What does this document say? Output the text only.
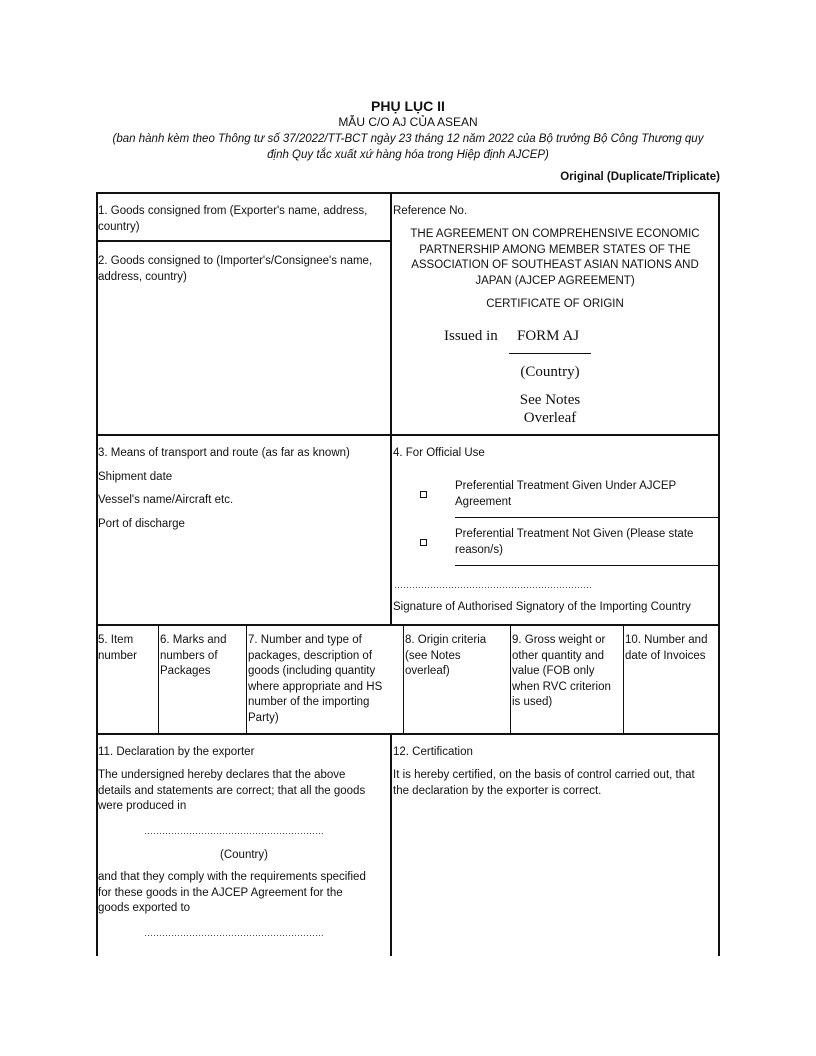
PHỤ LỤC II
MẪU C/O AJ CỦA ASEAN
(ban hành kèm theo Thông tư số 37/2022/TT-BCT ngày 23 tháng 12 năm 2022 của Bộ trưởng Bộ Công Thương quy
định Quy tắc xuất xứ hàng hóa trong Hiệp định AJCEP)
Original (Duplicate/Triplicate)
1. Goods consigned from (Exporter's name, address,
country)
2. Goods consigned to (Importer's/Consignee's name,
address, country)
Reference No.
THE AGREEMENT ON COMPREHENSIVE ECONOMIC
PARTNERSHIP AMONG MEMBER STATES OF THE
ASSOCIATION OF SOUTHEAST ASIAN NATIONS AND
JAPAN (AJCEP AGREEMENT)
CERTIFICATE OF ORIGIN
Issued in FORM AJ
(Country)
See Notes
Overleaf
3. Means of transport and route (as far as known)
Shipment date
Vessel's name/Aircraft etc.
Port of discharge
4. For Official Use
Preferential Treatment Given Under AJCEP
Agreement
Preferential Treatment Not Given (Please state
reason/s)
…………………………………………………………
Signature of Authorised Signatory of the Importing Country
5. Item
number
6. Marks and
numbers of
Packages
7. Number and type of
packages, description of
goods (including quantity
where appropriate and HS
number of the importing
Party)
8. Origin criteria
(see Notes
overleaf)
9. Gross weight or
other quantity and
value (FOB only
when RVC criterion
is used)
10. Number and
date of Invoices
11. Declaration by the exporter
The undersigned hereby declares that the above
details and statements are correct; that all the goods
were produced in
……………………………………………………
(Country)
and that they comply with the requirements specified
for these goods in the AJCEP Agreement for the
goods exported to
……………………………………………………
12. Certification
It is hereby certified, on the basis of control carried out, that
the declaration by the exporter is correct.
